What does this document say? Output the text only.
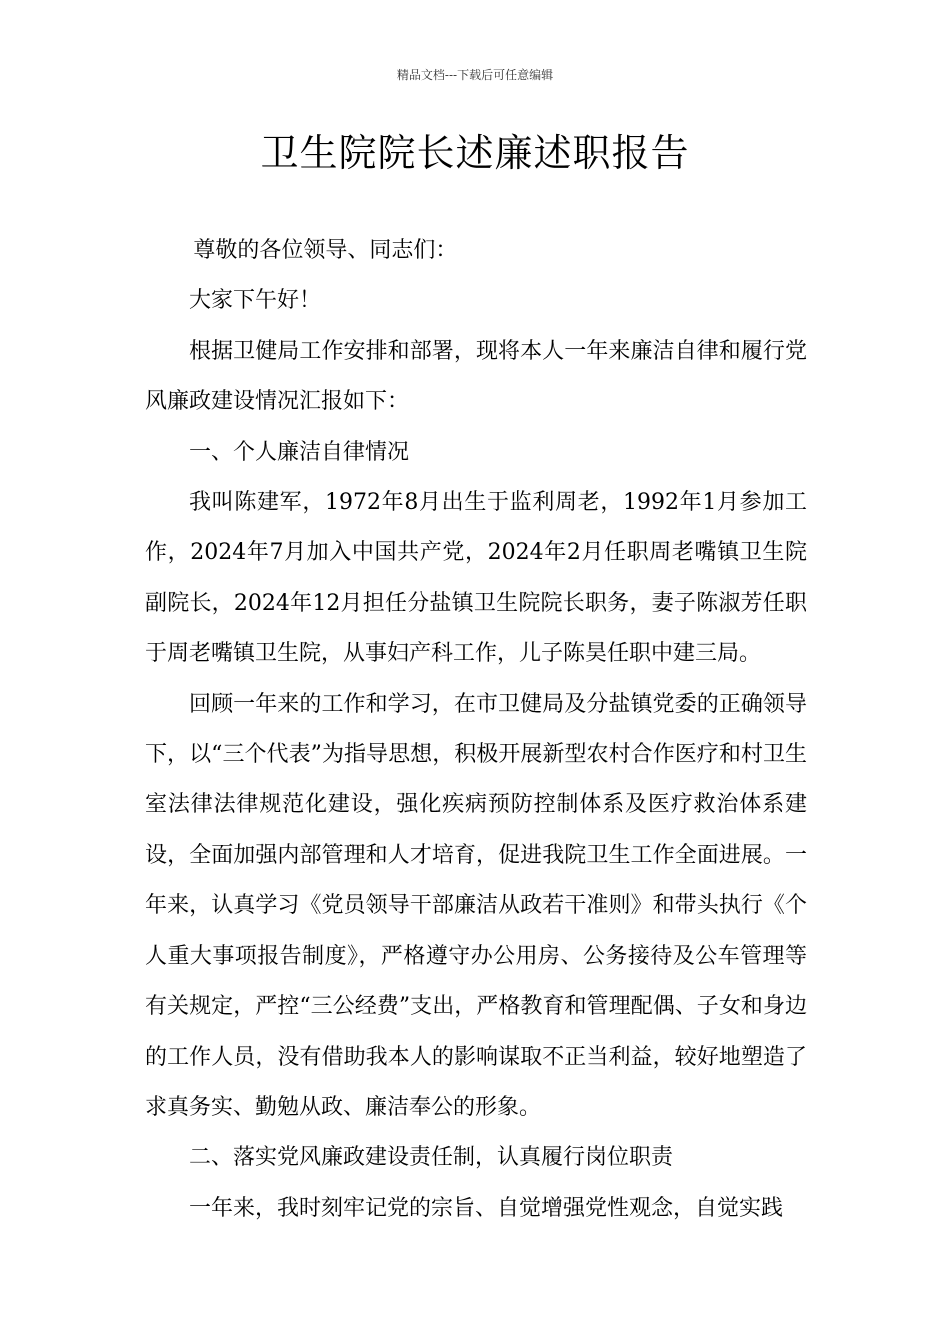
精品文档---下载后可任意编辑
卫生院院长述廉述职报告

尊敬的各位领导、同志们：

大家下午好！

根据卫健局工作安排和部署，现将本人一年来廉洁自律和履行党风廉政建设情况汇报如下：

一、个人廉洁自律情况

我叫陈建军，1972年8月出生于监利周老，1992年1月参加工作，2024年7月加入中国共产党，2024年2月任职周老嘴镇卫生院副院长，2024年12月担任分盐镇卫生院院长职务，妻子陈淑芳任职于周老嘴镇卫生院，从事妇产科工作，儿子陈昊任职中建三局。

回顾一年来的工作和学习，在市卫健局及分盐镇党委的正确领导下，以“三个代表”为指导思想，积极开展新型农村合作医疗和村卫生室法律法律规范化建设，强化疾病预防控制体系及医疗救治体系建设，全面加强内部管理和人才培育，促进我院卫生工作全面进展。一年来，认真学习《党员领导干部廉洁从政若干准则》和带头执行《个人重大事项报告制度》，严格遵守办公用房、公务接待及公车管理等有关规定，严控“三公经费”支出，严格教育和管理配偶、子女和身边的工作人员，没有借助我本人的影响谋取不正当利益，较好地塑造了求真务实、勤勉从政、廉洁奉公的形象。

二、落实党风廉政建设责任制，认真履行岗位职责

一年来，我时刻牢记党的宗旨、自觉增强党性观念，自觉实践
